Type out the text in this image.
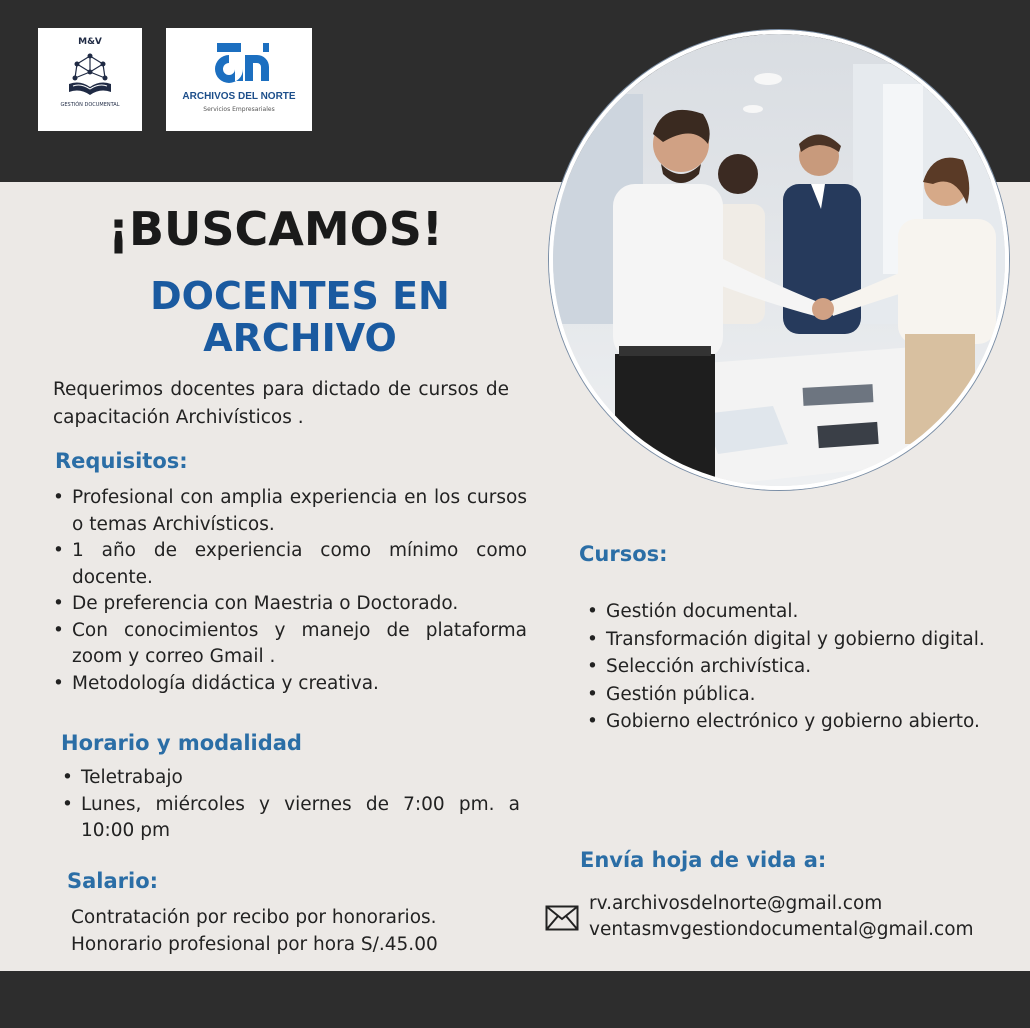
M&V
GESTIÓN DOCUMENTAL
ARCHIVOS DEL NORTE
Servicios Empresariales
¡BUSCAMOS!
DOCENTES EN
ARCHIVO

Requerimos docentes para dictado de cursos de capacitación Archivísticos .

Requisitos:
• Profesional con amplia experiencia en los cursos o temas Archivísticos.
• 1 año de experiencia como mínimo como docente.
• De preferencia con Maestria o Doctorado.
• Con conocimientos y manejo de plataforma zoom y correo Gmail .
• Metodología didáctica y creativa.
Horario y modalidad
• Teletrabajo
• Lunes, miércoles y viernes de 7:00 pm. a 10:00 pm
Salario:
Contratación por recibo por honorarios.
Honorario profesional por hora S/.45.00
Cursos:
• Gestión documental.
• Transformación digital y gobierno digital.
• Selección archivística.
• Gestión pública.
• Gobierno electrónico y gobierno abierto.
Envía hoja de vida a:
rv.archivosdelnorte@gmail.com
ventasmvgestiondocumental@gmail.com
